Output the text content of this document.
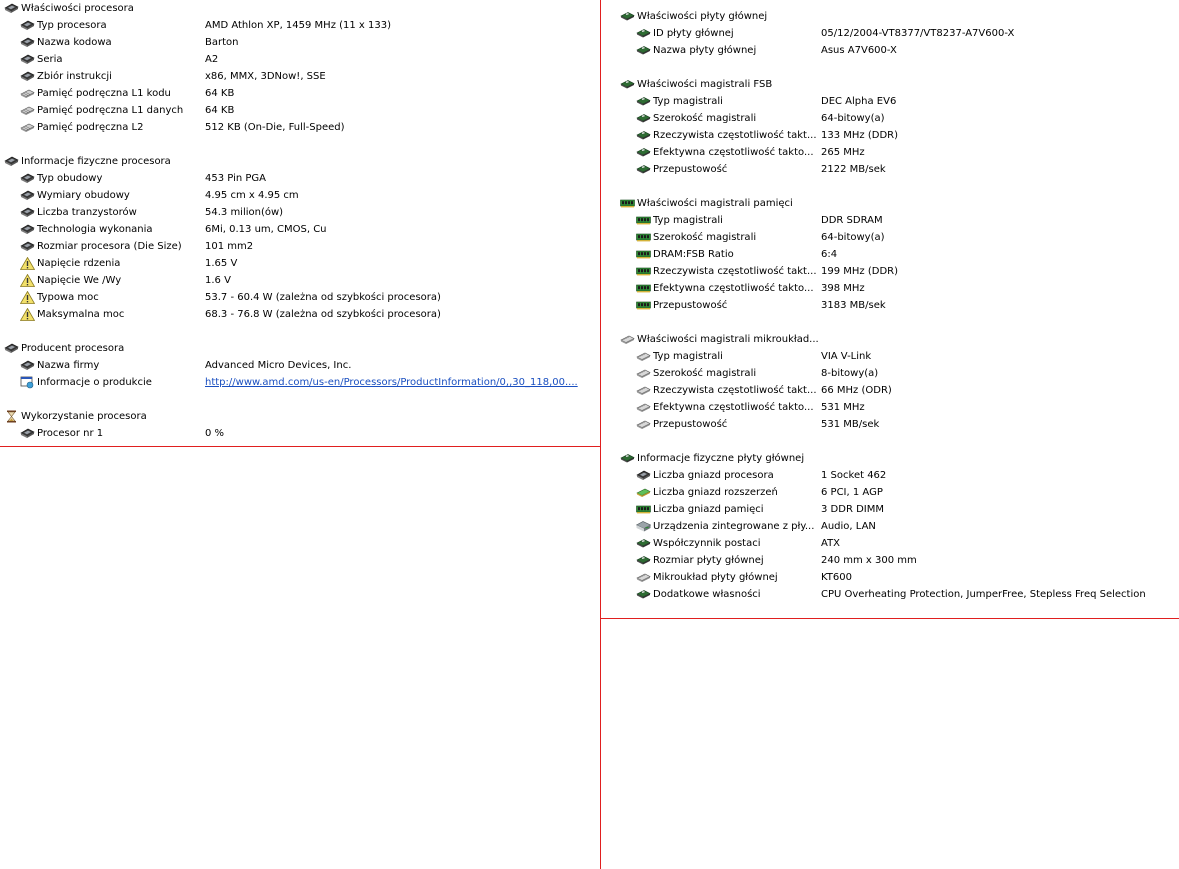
Właściwości procesora
Typ procesora	AMD Athlon XP, 1459 MHz (11 x 133)
Nazwa kodowa	Barton
Seria	A2
Zbiór instrukcji	x86, MMX, 3DNow!, SSE
Pamięć podręczna L1 kodu	64 KB
Pamięć podręczna L1 danych 64 KB
Pamięć podręczna L2	512 KB (On-Die, Full-Speed)
Informacje fizyczne procesora
Typ obudowy	453 Pin PGA
Wymiary obudowy	4.95 cm x 4.95 cm
Liczba tranzystorów	54.3 milion(ów)
Technologia wykonania	6Mi, 0.13 um, CMOS, Cu
Rozmiar procesora (Die Size) 101 mm2
Napięcie rdzenia	1.65 V
Napięcie We /Wy	1.6 V
Typowa moc	53.7 - 60.4 W (zależna od szybkości procesora)
Maksymalna moc	68.3 - 76.8 W (zależna od szybkości procesora)
Producent procesora
Nazwa firmy	Advanced Micro Devices, Inc.
Informacje o produkcie	http://www.amd.com/us-en/Processors/ProductInformation/0,,30_118,00....
Wykorzystanie procesora
Procesor nr 1	0 %
Właściwości płyty głównej
ID płyty głównej	05/12/2004-VT8377/VT8237-A7V600-X
Nazwa płyty głównej	Asus A7V600-X
Właściwości magistrali FSB
Typ magistrali	DEC Alpha EV6
Szerokość magistrali	64-bitowy(a)
Rzeczywista częstotliwość takt... 133 MHz (DDR)
Efektywna częstotliwość takto... 265 MHz
Przepustowość	2122 MB/sek
Właściwości magistrali pamięci
Typ magistrali	DDR SDRAM
Szerokość magistrali	64-bitowy(a)
DRAM:FSB Ratio	6:4
Rzeczywista częstotliwość takt... 199 MHz (DDR)
Efektywna częstotliwość takto... 398 MHz
Przepustowość	3183 MB/sek
Właściwości magistrali mikroukład...
Typ magistrali	VIA V-Link
Szerokość magistrali	8-bitowy(a)
Rzeczywista częstotliwość takt... 66 MHz (ODR)
Efektywna częstotliwość takto... 531 MHz
Przepustowość	531 MB/sek
Informacje fizyczne płyty głównej
Liczba gniazd procesora	1 Socket 462
Liczba gniazd rozszerzeń	6 PCI, 1 AGP
Liczba gniazd pamięci	3 DDR DIMM
Urządzenia zintegrowane z pły... Audio, LAN
Współczynnik postaci	ATX
Rozmiar płyty głównej	240 mm x 300 mm
Mikroukład płyty głównej	KT600
Dodatkowe własności	CPU Overheating Protection, JumperFree, Stepless Freq Selection
